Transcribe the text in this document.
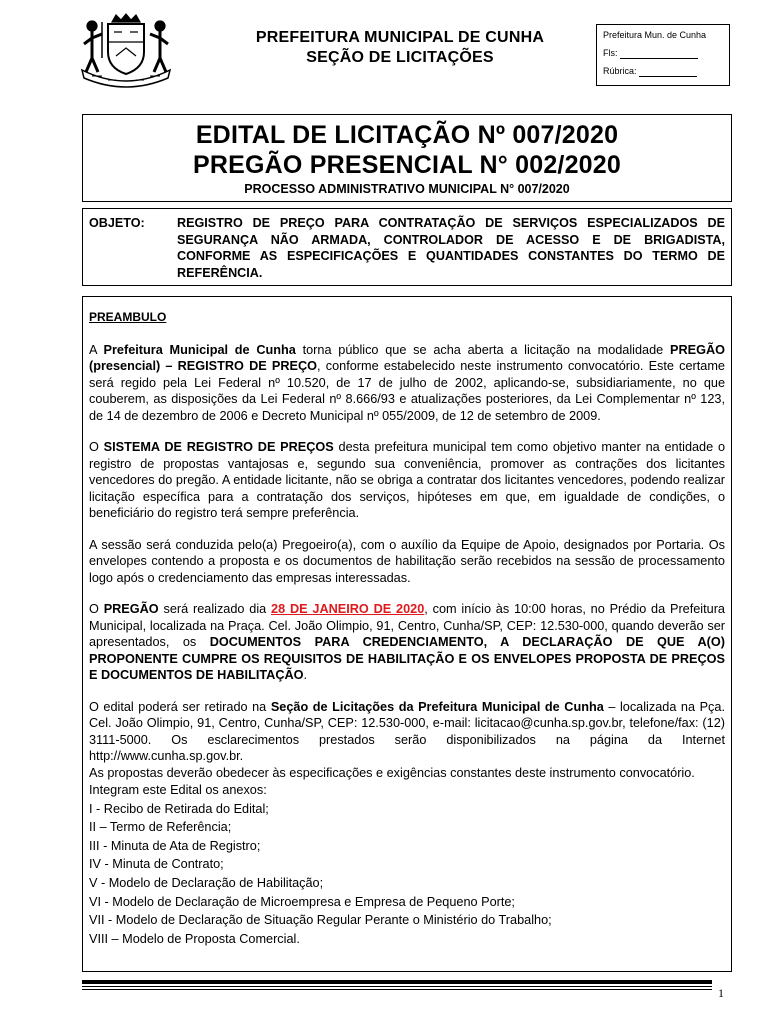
PREFEITURA MUNICIPAL DE CUNHA
SEÇÃO DE LICITAÇÕES
Prefeitura Mun. de Cunha
Fls:
Rúbrica:
EDITAL DE LICITAÇÃO Nº 007/2020
PREGÃO PRESENCIAL N° 002/2020
PROCESSO ADMINISTRATIVO MUNICIPAL N° 007/2020
OBJETO:	REGISTRO DE PREÇO PARA CONTRATAÇÃO DE SERVIÇOS ESPECIALIZADOS DE SEGURANÇA NÃO ARMADA, CONTROLADOR DE ACESSO E DE BRIGADISTA, CONFORME AS ESPECIFICAÇÕES E QUANTIDADES CONSTANTES DO TERMO DE REFERÊNCIA.
PREAMBULO

A Prefeitura Municipal de Cunha torna público que se acha aberta a licitação na modalidade PREGÃO (presencial) – REGISTRO DE PREÇO, conforme estabelecido neste instrumento convocatório. Este certame será regido pela Lei Federal nº 10.520, de 17 de julho de 2002, aplicando-se, subsidiariamente, no que couberem, as disposições da Lei Federal nº 8.666/93 e atualizações posteriores, da Lei Complementar nº 123, de 14 de dezembro de 2006 e Decreto Municipal nº 055/2009, de 12 de setembro de 2009.

O SISTEMA DE REGISTRO DE PREÇOS desta prefeitura municipal tem como objetivo manter na entidade o registro de propostas vantajosas e, segundo sua conveniência, promover as contrações dos licitantes vencedores do pregão. A entidade licitante, não se obriga a contratar dos licitantes vencedores, podendo realizar licitação específica para a contratação dos serviços, hipóteses em que, em igualdade de condições, o beneficiário do registro terá sempre preferência.

A sessão será conduzida pelo(a) Pregoeiro(a), com o auxílio da Equipe de Apoio, designados por Portaria. Os envelopes contendo a proposta e os documentos de habilitação serão recebidos na sessão de processamento logo após o credenciamento das empresas interessadas.

O PREGÃO será realizado dia 28 DE JANEIRO DE 2020, com início às 10:00 horas, no Prédio da Prefeitura Municipal, localizada na Praça. Cel. João Olimpio, 91, Centro, Cunha/SP, CEP: 12.530-000, quando deverão ser apresentados, os DOCUMENTOS PARA CREDENCIAMENTO, A DECLARAÇÃO DE QUE A(O) PROPONENTE CUMPRE OS REQUISITOS DE HABILITAÇÃO E OS ENVELOPES PROPOSTA DE PREÇOS E DOCUMENTOS DE HABILITAÇÃO.

O edital poderá ser retirado na Seção de Licitações da Prefeitura Municipal de Cunha – localizada na Pça. Cel. João Olimpio, 91, Centro, Cunha/SP, CEP: 12.530-000, e-mail: licitacao@cunha.sp.gov.br, telefone/fax: (12) 3111-5000. Os esclarecimentos prestados serão disponibilizados na página da Internet http://www.cunha.sp.gov.br.
As propostas deverão obedecer às especificações e exigências constantes deste instrumento convocatório.
Integram este Edital os anexos:
I - Recibo de Retirada do Edital;
II – Termo de Referência;
III - Minuta de Ata de Registro;
IV - Minuta de Contrato;
V - Modelo de Declaração de Habilitação;
VI - Modelo de Declaração de Microempresa e Empresa de Pequeno Porte;
VII - Modelo de Declaração de Situação Regular Perante o Ministério do Trabalho;
VIII – Modelo de Proposta Comercial.
1
